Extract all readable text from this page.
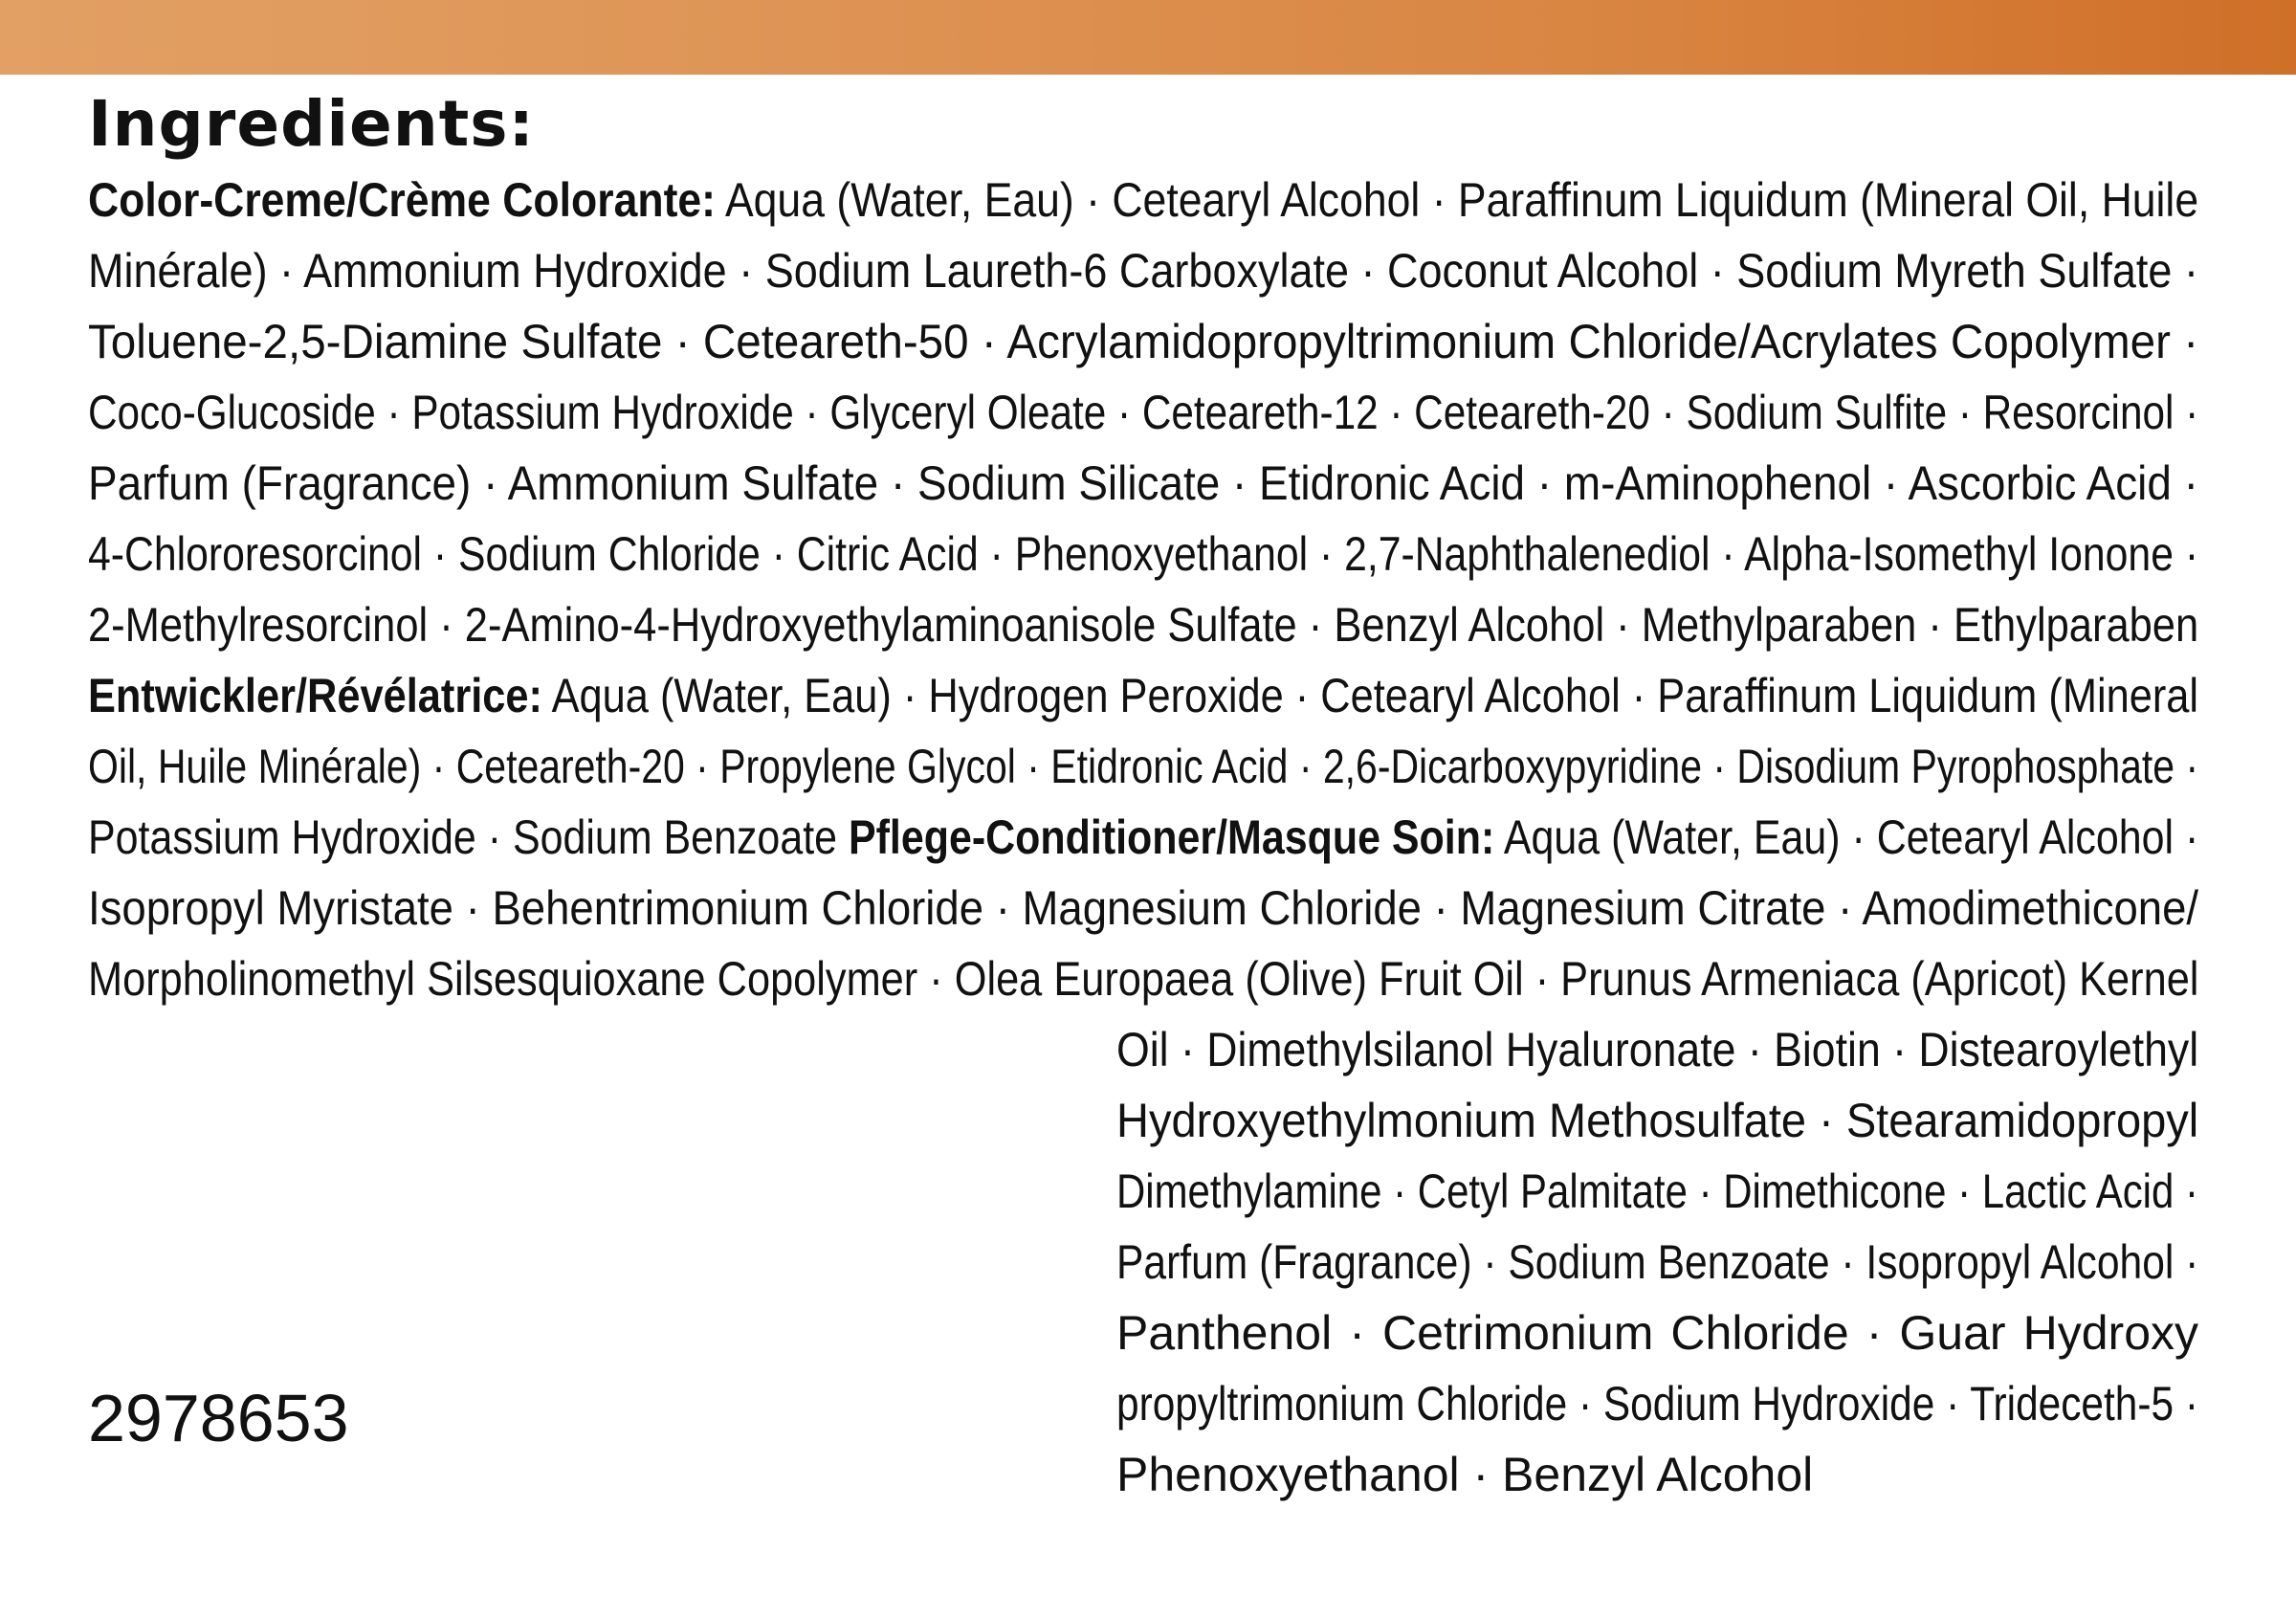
Ingredients:
Color-Creme/Crème Colorante: Aqua (Water, Eau) · Cetearyl Alcohol · Paraffinum Liquidum (Mineral Oil, Huile
Minérale) · Ammonium Hydroxide · Sodium Laureth-6 Carboxylate · Coconut Alcohol · Sodium Myreth Sulfate ·
Toluene-2,5-Diamine Sulfate · Ceteareth-50 · Acrylamidopropyltrimonium Chloride/Acrylates Copolymer ·
Coco-Glucoside · Potassium Hydroxide · Glyceryl Oleate · Ceteareth-12 · Ceteareth-20 · Sodium Sulfite · Resorcinol ·
Parfum (Fragrance) · Ammonium Sulfate · Sodium Silicate · Etidronic Acid · m-Aminophenol · Ascorbic Acid ·
4-Chlororesorcinol · Sodium Chloride · Citric Acid · Phenoxyethanol · 2,7-Naphthalenediol · Alpha-Isomethyl Ionone ·
2-Methylresorcinol · 2-Amino-4-Hydroxyethylaminoanisole Sulfate · Benzyl Alcohol · Methylparaben · Ethylparaben
Entwickler/Révélatrice: Aqua (Water, Eau) · Hydrogen Peroxide · Cetearyl Alcohol · Paraffinum Liquidum (Mineral
Oil, Huile Minérale) · Ceteareth-20 · Propylene Glycol · Etidronic Acid · 2,6-Dicarboxypyridine · Disodium Pyrophosphate ·
Potassium Hydroxide · Sodium Benzoate Pflege-Conditioner/Masque Soin: Aqua (Water, Eau) · Cetearyl Alcohol ·
Isopropyl Myristate · Behentrimonium Chloride · Magnesium Chloride · Magnesium Citrate · Amodimethicone/
Morpholinomethyl Silsesquioxane Copolymer · Olea Europaea (Olive) Fruit Oil · Prunus Armeniaca (Apricot) Kernel
Oil · Dimethylsilanol Hyaluronate · Biotin · Distearoylethyl
Hydroxyethylmonium Methosulfate · Stearamidopropyl
Dimethylamine · Cetyl Palmitate · Dimethicone · Lactic Acid ·
Parfum (Fragrance) · Sodium Benzoate · Isopropyl Alcohol ·
Panthenol · Cetrimonium Chloride · Guar Hydroxy
propyltrimonium Chloride · Sodium Hydroxide · Trideceth-5 ·
Phenoxyethanol · Benzyl Alcohol
2978653
